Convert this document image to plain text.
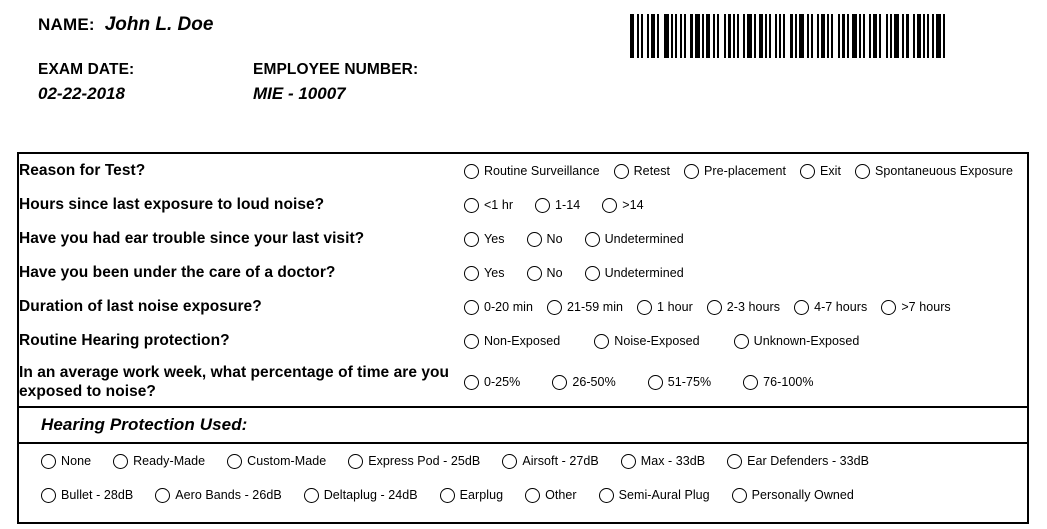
NAME: John L. Doe
EXAM DATE:
02-22-2018
EMPLOYEE NUMBER:
MIE - 10007
Reason for Test?	Routine Surveillance Retest Pre-placement Exit Spontaneuous Exposure

Hours since last exposure to loud noise?	<1 hr 1-14 >14

Have you had ear trouble since your last visit?	Yes No Undetermined

Have you been under the care of a doctor?	Yes No Undetermined

Duration of last noise exposure?	0-20 min	21-59 min	1 hour	2-3 hours	4-7 hours	>7 hours

Routine Hearing protection?	Non-Exposed Noise-Exposed Unknown-Exposed

In an average work week, what percentage of time are you exposed to noise?	0-25% 26-50% 51-75% 76-100%
Hearing Protection Used:
None	Ready-Made	Custom-Made	Express Pod - 25dB	Airsoft - 27dB	Max - 33dB	Ear Defenders - 33dB
Bullet - 28dB	Aero Bands - 26dB	Deltaplug - 24dB	Earplug	Other	Semi-Aural Plug	Personally Owned
